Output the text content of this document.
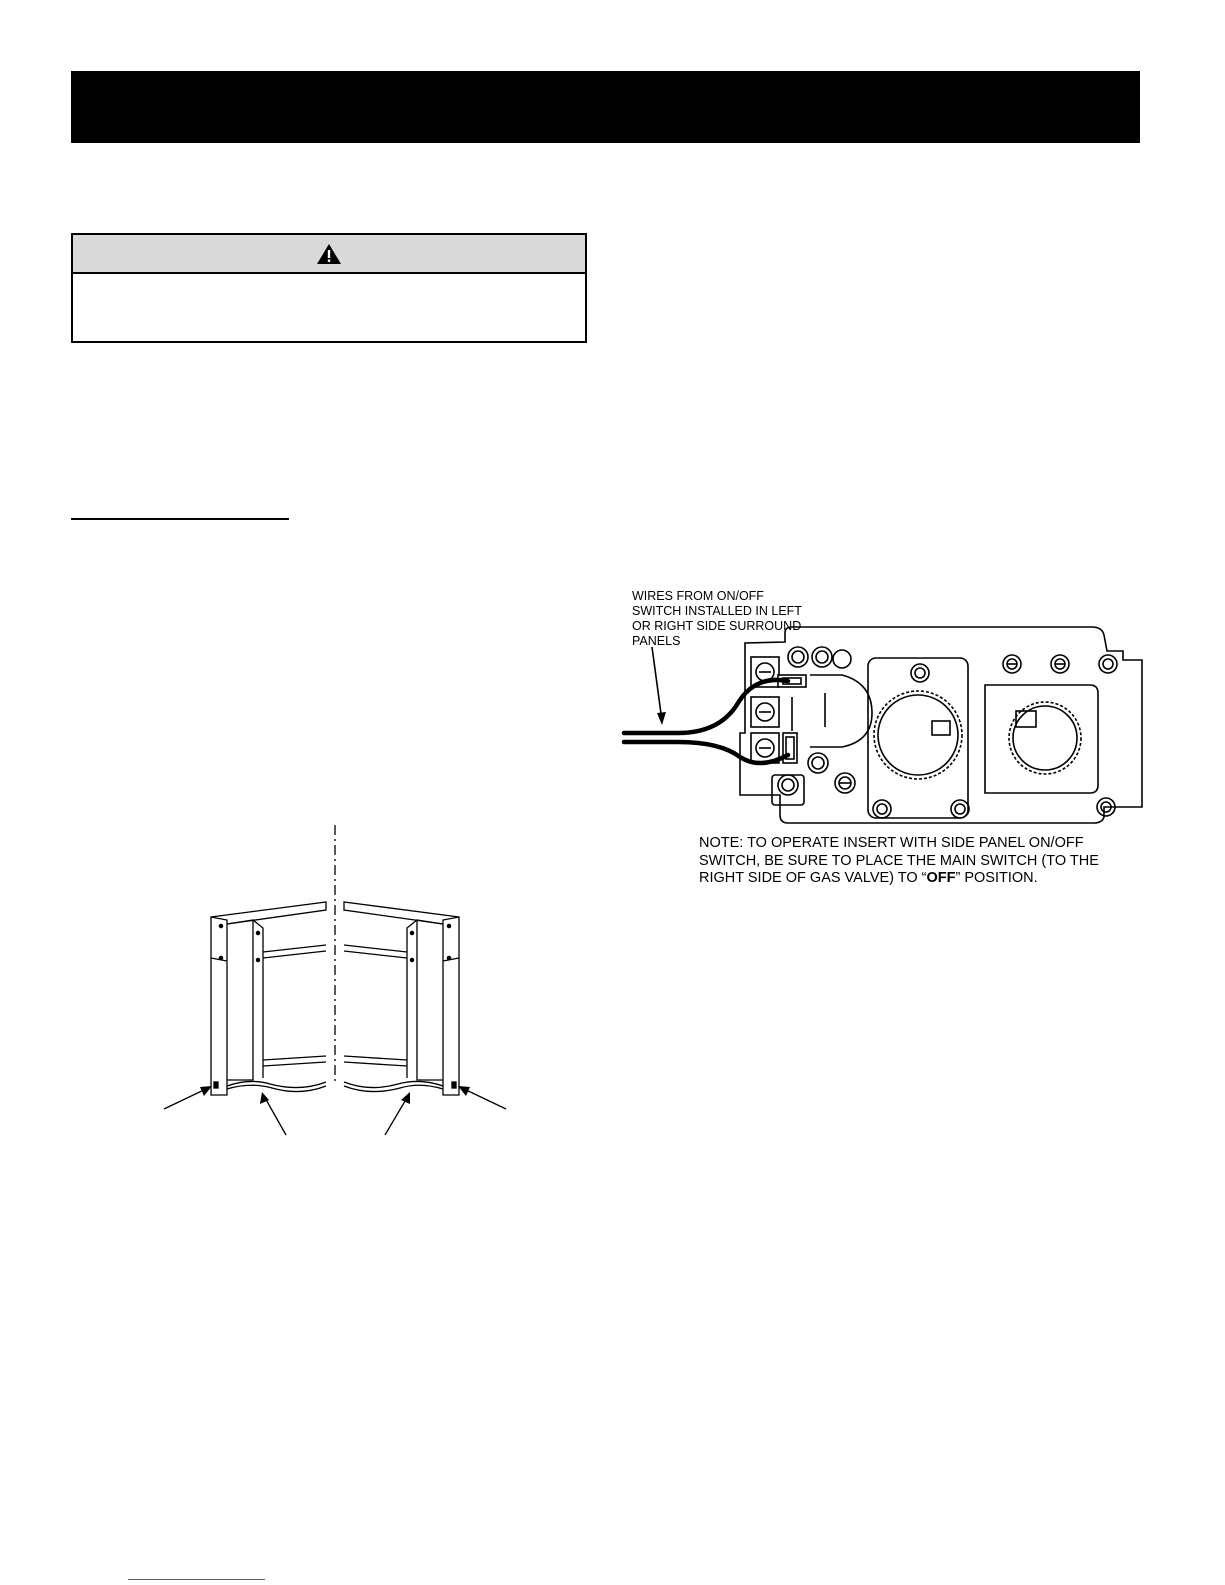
WIRES FROM ON/OFF SWITCH INSTALLED IN LEFT OR RIGHT SIDE SURROUND PANELS
NOTE: TO OPERATE INSERT WITH SIDE PANEL ON/OFF SWITCH, BE SURE TO PLACE THE MAIN SWITCH (TO THE RIGHT SIDE OF GAS VALVE) TO “OFF” POSITION.
